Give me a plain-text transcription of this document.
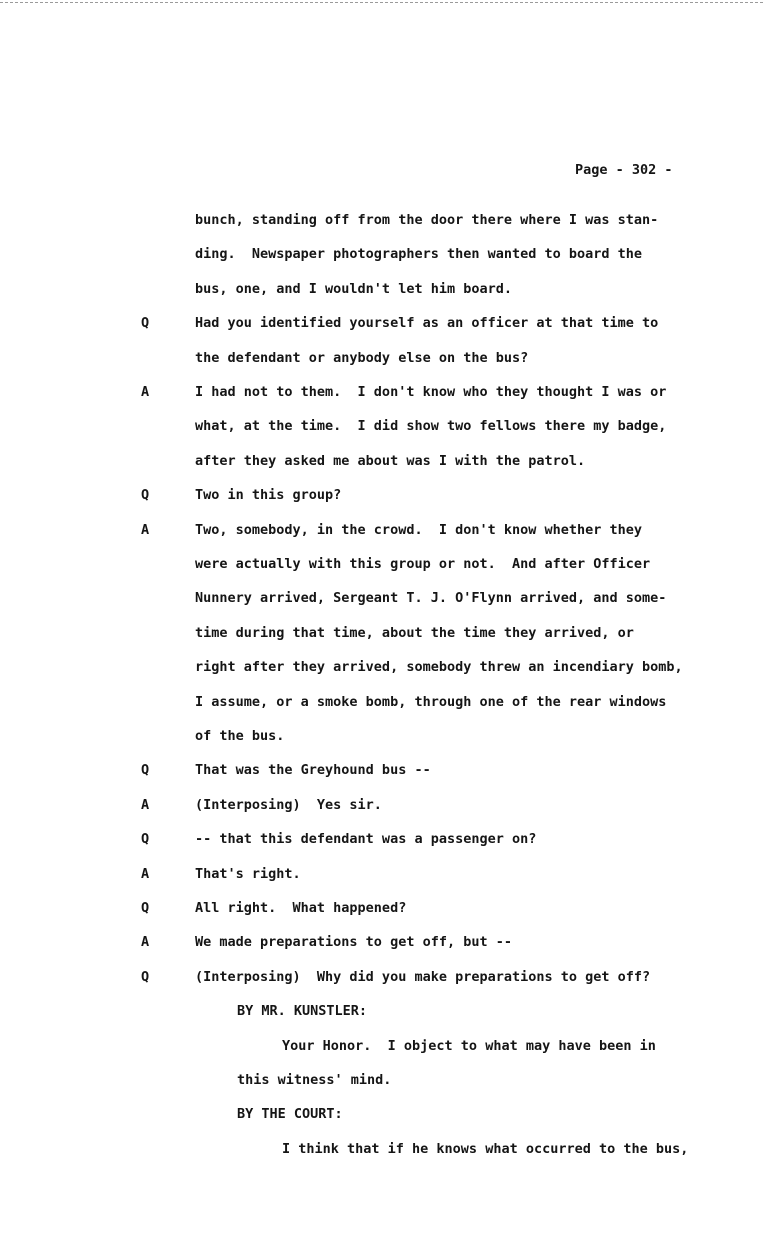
Page - 302 -
bunch, standing off from the door there where I was stan-
ding.  Newspaper photographers then wanted to board the
bus, one, and I wouldn't let him board.
Q	Had you identified yourself as an officer at that time to
the defendant or anybody else on the bus?
A	I had not to them.  I don't know who they thought I was or
what, at the time.  I did show two fellows there my badge,
after they asked me about was I with the patrol.
Q	Two in this group?
A	Two, somebody, in the crowd.  I don't know whether they
were actually with this group or not.  And after Officer
Nunnery arrived, Sergeant T. J. O'Flynn arrived, and some-
time during that time, about the time they arrived, or
right after they arrived, somebody threw an incendiary bomb,
I assume, or a smoke bomb, through one of the rear windows
of the bus.
Q	That was the Greyhound bus --
A	(Interposing)  Yes sir.
Q	-- that this defendant was a passenger on?
A	That's right.
Q	All right.  What happened?
A	We made preparations to get off, but --
Q	(Interposing)  Why did you make preparations to get off?
BY MR. KUNSTLER:
Your Honor.  I object to what may have been in
this witness' mind.
BY THE COURT:
I think that if he knows what occurred to the bus,
